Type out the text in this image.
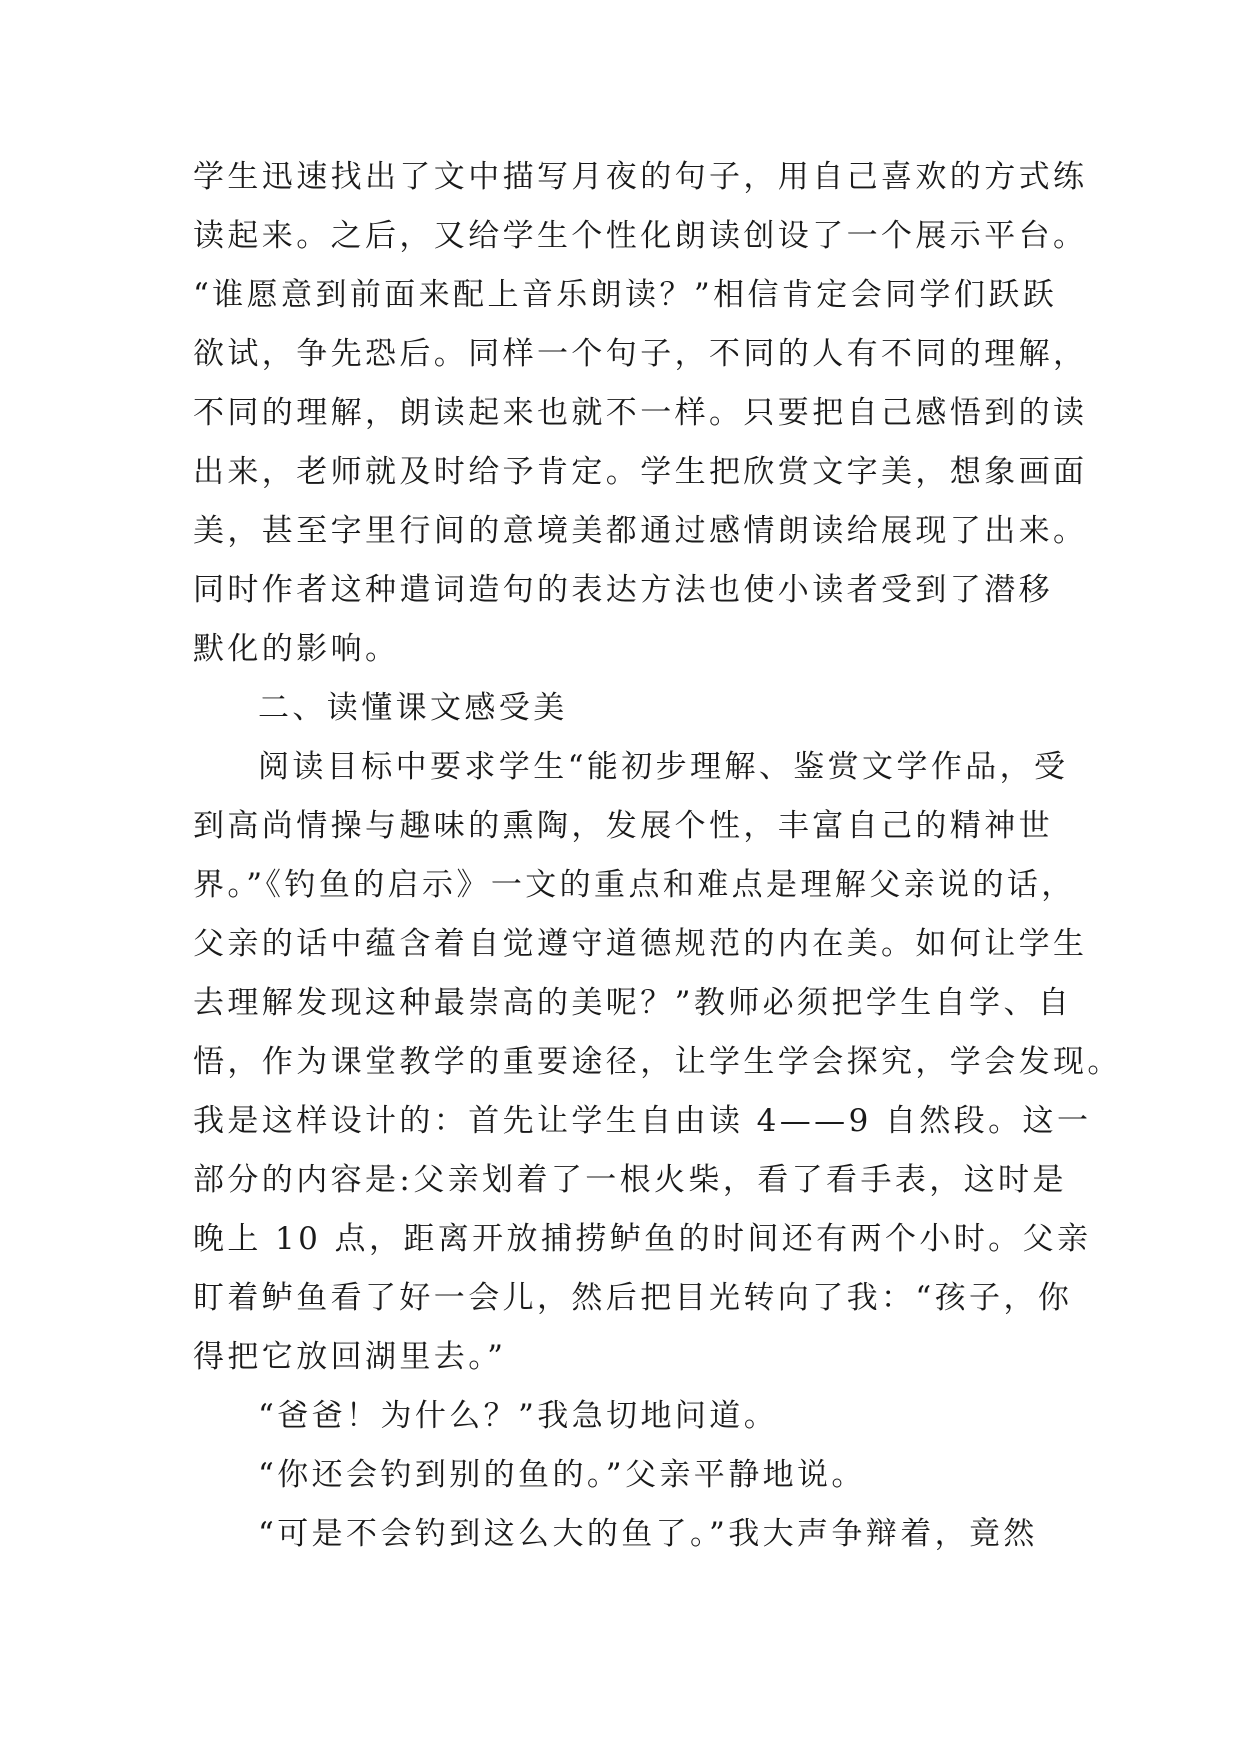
学生迅速找出了文中描写月夜的句子，用自己喜欢的方式练
读起来。之后，又给学生个性化朗读创设了一个展示平台。
“谁愿意到前面来配上音乐朗读？”相信肯定会同学们跃跃
欲试，争先恐后。同样一个句子，不同的人有不同的理解，
不同的理解，朗读起来也就不一样。只要把自己感悟到的读
出来，老师就及时给予肯定。学生把欣赏文字美，想象画面
美，甚至字里行间的意境美都通过感情朗读给展现了出来。
同时作者这种遣词造句的表达方法也使小读者受到了潜移
默化的影响。
二、读懂课文感受美
阅读目标中要求学生“能初步理解、鉴赏文学作品，受
到高尚情操与趣味的熏陶，发展个性，丰富自己的精神世
界。”《钓鱼的启示》一文的重点和难点是理解父亲说的话，
父亲的话中蕴含着自觉遵守道德规范的内在美。如何让学生
去理解发现这种最崇高的美呢？”教师必须把学生自学、自
悟，作为课堂教学的重要途径，让学生学会探究，学会发现。
我是这样设计的：首先让学生自由读 4——9 自然段。这一
部分的内容是:父亲划着了一根火柴，看了看手表，这时是
晚上 10 点，距离开放捕捞鲈鱼的时间还有两个小时。父亲
盯着鲈鱼看了好一会儿，然后把目光转向了我：“孩子，你
得把它放回湖里去。”
“爸爸！为什么？”我急切地问道。
“你还会钓到别的鱼的。”父亲平静地说。
“可是不会钓到这么大的鱼了。”我大声争辩着，竟然
